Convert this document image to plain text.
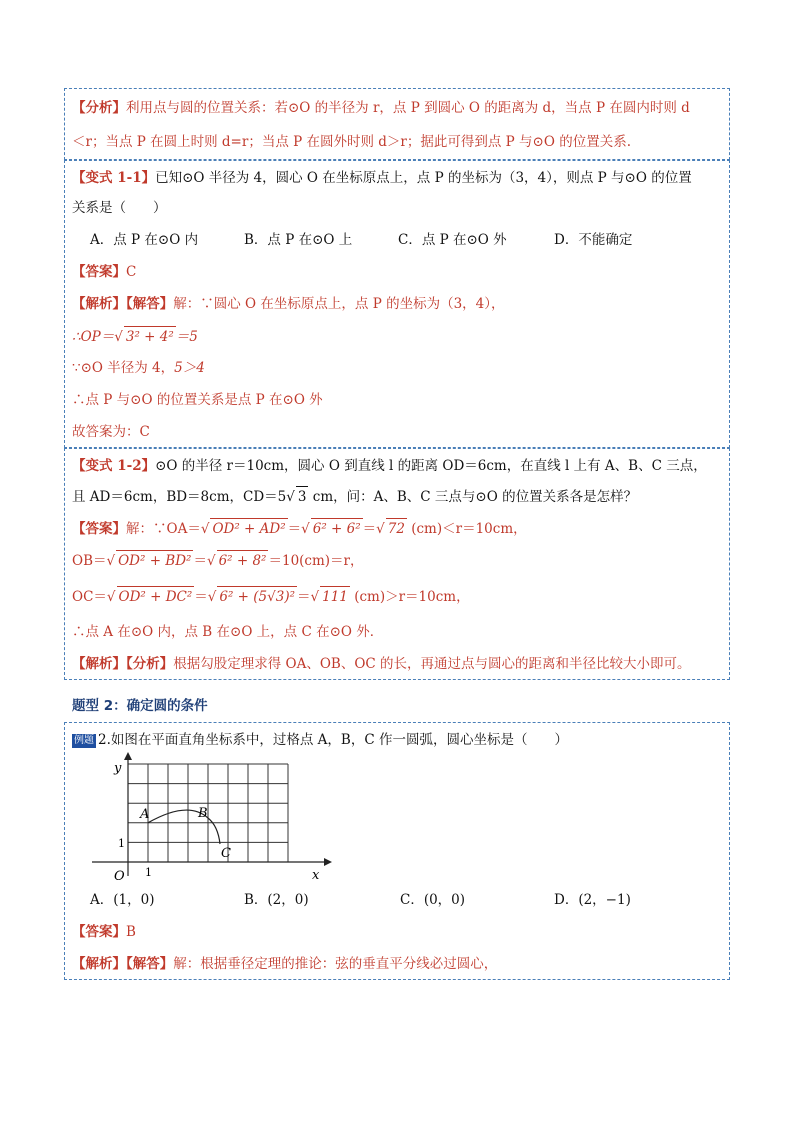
【分析】利用点与圆的位置关系：若⊙O 的半径为 r，点 P 到圆心 O 的距离为 d，当点 P 在圆内时则 d
＜r；当点 P 在圆上时则 d=r；当点 P 在圆外时则 d＞r；据此可得到点 P 与⊙O 的位置关系.
【变式 1-1】已知⊙O 半径为 4，圆心 O 在坐标原点上，点 P 的坐标为（3，4），则点 P 与⊙O 的位置
关系是（　　）
A．点 P 在⊙O 内	B．点 P 在⊙O 上	C．点 P 在⊙O 外	D．不能确定
【答案】C
【解析】【解答】解：∵圆心 O 在坐标原点上，点 P 的坐标为（3，4），
∴OP＝√ 3² + 4² ＝5
∵⊙O 半径为 4，5＞4
∴点 P 与⊙O 的位置关系是点 P 在⊙O 外
故答案为：C
【变式 1-2】⊙O 的半径 r＝10cm，圆心 O 到直线 l 的距离 OD＝6cm，在直线 l 上有 A、B、C 三点，
且 AD＝6cm，BD＝8cm，CD＝5√ 3 cm，问：A、B、C 三点与⊙O 的位置关系各是怎样？
【答案】解：∵OA＝√ OD² + AD² ＝√ 6² + 6² ＝√ 72 (cm)＜r＝10cm，
OB＝√ OD² + BD² ＝√ 6² + 8² ＝10(cm)＝r，
OC＝√ OD² + DC² ＝√ 6² + (5√3)² ＝√ 111 (cm)＞r＝10cm，
∴点 A 在⊙O 内，点 B 在⊙O 上，点 C 在⊙O 外．
【解析】【分析】根据勾股定理求得 OA、OB、OC 的长，再通过点与圆心的距离和半径比较大小即可。
题型 2：确定圆的条件
例题 2.如图在平面直角坐标系中，过格点 A，B，C 作一圆弧，圆心坐标是（　　）
y
x
O 1
1
A	B
C
A．(1，0)	B．(2，0)	C．(0，0)	D．(2，−1)
【答案】B
【解析】【解答】解：根据垂径定理的推论：弦的垂直平分线必过圆心，
